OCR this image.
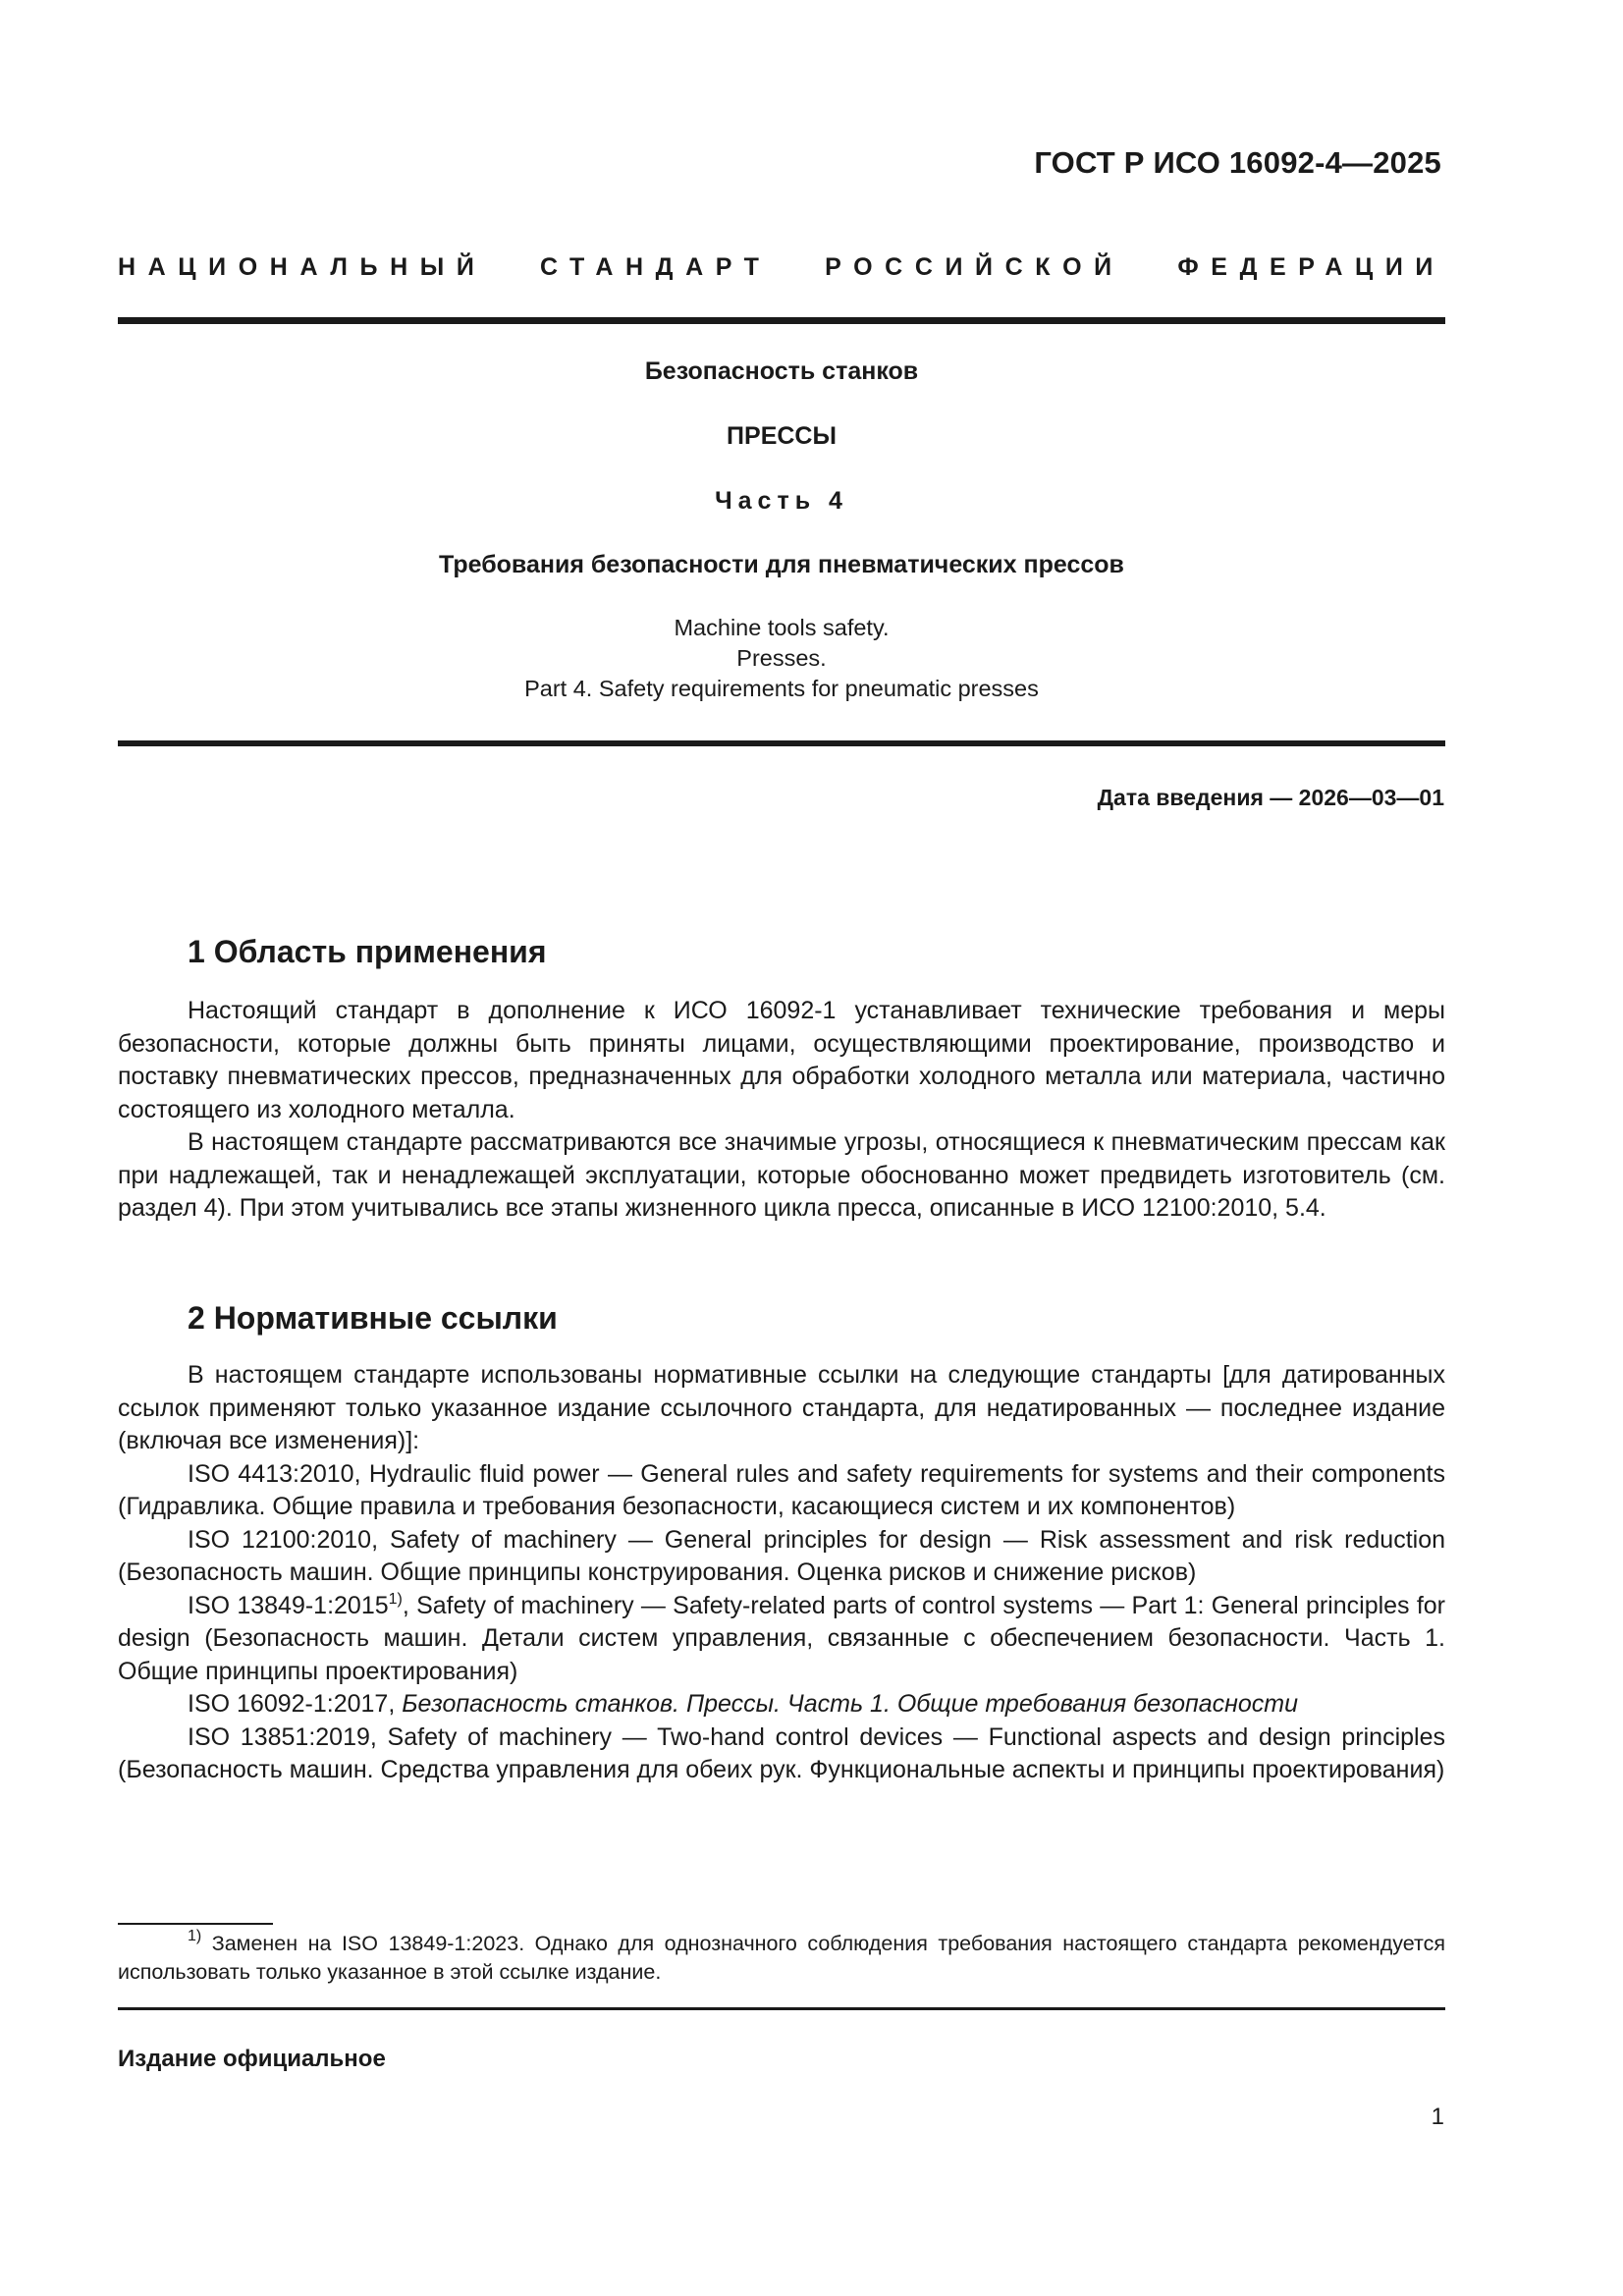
ГОСТ Р ИСО 16092-4—2025
НАЦИОНАЛЬНЫЙ СТАНДАРТ РОССИЙСКОЙ ФЕДЕРАЦИИ
Безопасность станков
ПРЕССЫ
Часть 4
Требования безопасности для пневматических прессов
Machine tools safety.
Presses.
Part 4. Safety requirements for pneumatic presses
Дата введения — 2026—03—01
1 Область применения

Настоящий стандарт в дополнение к ИСО 16092-1 устанавливает технические требования и меры безопасности, которые должны быть приняты лицами, осуществляющими проектирование, производство и поставку пневматических прессов, предназначенных для обработки холодного металла или материала, частично состоящего из холодного металла.

В настоящем стандарте рассматриваются все значимые угрозы, относящиеся к пневматическим прессам как при надлежащей, так и ненадлежащей эксплуатации, которые обоснованно может предвидеть изготовитель (см. раздел 4). При этом учитывались все этапы жизненного цикла пресса, описанные в ИСО 12100:2010, 5.4.

2 Нормативные ссылки

В настоящем стандарте использованы нормативные ссылки на следующие стандарты [для датированных ссылок применяют только указанное издание ссылочного стандарта, для недатированных — последнее издание (включая все изменения)]:

ISO 4413:2010, Hydraulic fluid power — General rules and safety requirements for systems and their components (Гидравлика. Общие правила и требования безопасности, касающиеся систем и их компонентов)

ISO 12100:2010, Safety of machinery — General principles for design — Risk assessment and risk reduction (Безопасность машин. Общие принципы конструирования. Оценка рисков и снижение рисков)

ISO 13849-1:2015$^{1)}$, Safety of machinery — Safety-related parts of control systems — Part 1: General principles for design (Безопасность машин. Детали систем управления, связанные с обеспечением безопасности. Часть 1. Общие принципы проектирования)

ISO 16092-1:2017, Безопасность станков. Прессы. Часть 1. Общие требования безопасности

ISO 13851:2019, Safety of machinery — Two-hand control devices — Functional aspects and design principles (Безопасность машин. Средства управления для обеих рук. Функциональные аспекты и принципы проектирования)

$^{1)}$ Заменен на ISO 13849-1:2023. Однако для однозначного соблюдения требования настоящего стандарта рекомендуется использовать только указанное в этой ссылке издание.
Издание официальное
1
